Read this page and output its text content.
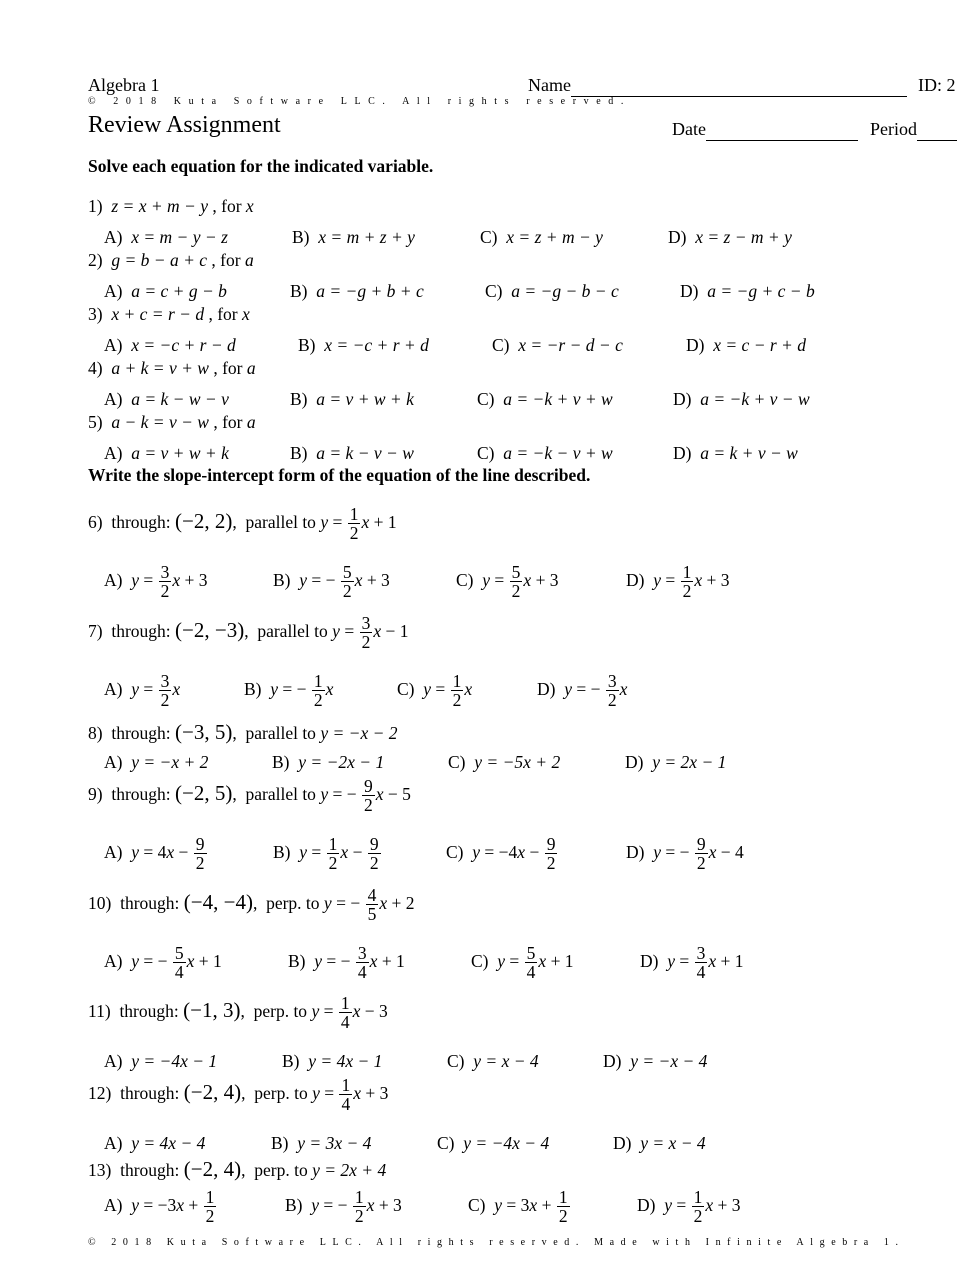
Algebra 1	Name	ID: 2
© 2018 Kuta Software LLC. All rights reserved.
Review Assignment	Date	Period
Solve each equation for the indicated variable.
1) z = x + m − y , for x
A) x = m − y − z	B) x = m + z + y	C) x = z + m − y	D) x = z − m + y
2) g = b − a + c , for a
A) a = c + g − b	B) a = −g + b + c	C) a = −g − b − c	D) a = −g + c − b
3) x + c = r − d , for x
A) x = −c + r − d	B) x = −c + r + d	C) x = −r − d − c	D) x = c − r + d
4) a + k = v + w , for a
A) a = k − w − v	B) a = v + w + k	C) a = −k + v + w	D) a = −k + v − w
5) a − k = v − w , for a
A) a = v + w + k	B) a = k − v − w	C) a = −k − v + w	D) a = k + v − w
Write the slope-intercept form of the equation of the line described.
6) through: (−2, 2),  parallel to $y = \frac{1}{2}$ x + 1
A) $y = \frac{3}{2}$ x + 3	B) y = − $\frac{5}{2}$ x + 3	C) $y = \frac{5}{2}$ x + 3	D) $y = \frac{1}{2}$ x + 3
7) through: (−2, −3),  parallel to $y = \frac{3}{2}$ x − 1
A) $y = \frac{3}{2}$ x	B) y = − $\frac{1}{2}$ x	C) $y = \frac{1}{2}$ x	D) y = − $\frac{3}{2}$ x
8) through: (−3, 5),  parallel to y = −x − 2
A) y = −x + 2	B) y = −2x − 1	C) y = −5x + 2	D) y = 2x − 1
9) through: (−2, 5),  parallel to y = − $\frac{9}{2}$ x − 5
A) $y = 4x - \frac{9}{2}$	B) $y = \frac{1}{2}$ $x - \frac{9}{2}$	C) $y = -4x - \frac{9}{2}$	D) y = − $\frac{9}{2}$ x − 4
10) through: (−4, −4),  perp. to y = − $\frac{4}{5}$ x + 2
A) y = − $\frac{5}{4}$ x + 1	B) y = − $\frac{3}{4}$ x + 1	C) $y = \frac{5}{4}$ x + 1	D) $y = \frac{3}{4}$ x + 1
11) through: (−1, 3),  perp. to $y = \frac{1}{4}$ x − 3
A) y = −4x − 1	B) y = 4x − 1	C) y = x − 4	D) y = −x − 4
12) through: (−2, 4),  perp. to $y = \frac{1}{4}$ x + 3
A) y = 4x − 4	B) y = 3x − 4	C) y = −4x − 4	D) y = x − 4
13) through: (−2, 4),  perp. to y = 2x + 4
A) $y = -3x + \frac{1}{2}$	B) y = − $\frac{1}{2}$ x + 3	C) $y = 3x + \frac{1}{2}$	D) $y = \frac{1}{2}$ x + 3
© 2018 Kuta Software LLC. All rights reserved. Made with Infinite Algebra 1.
